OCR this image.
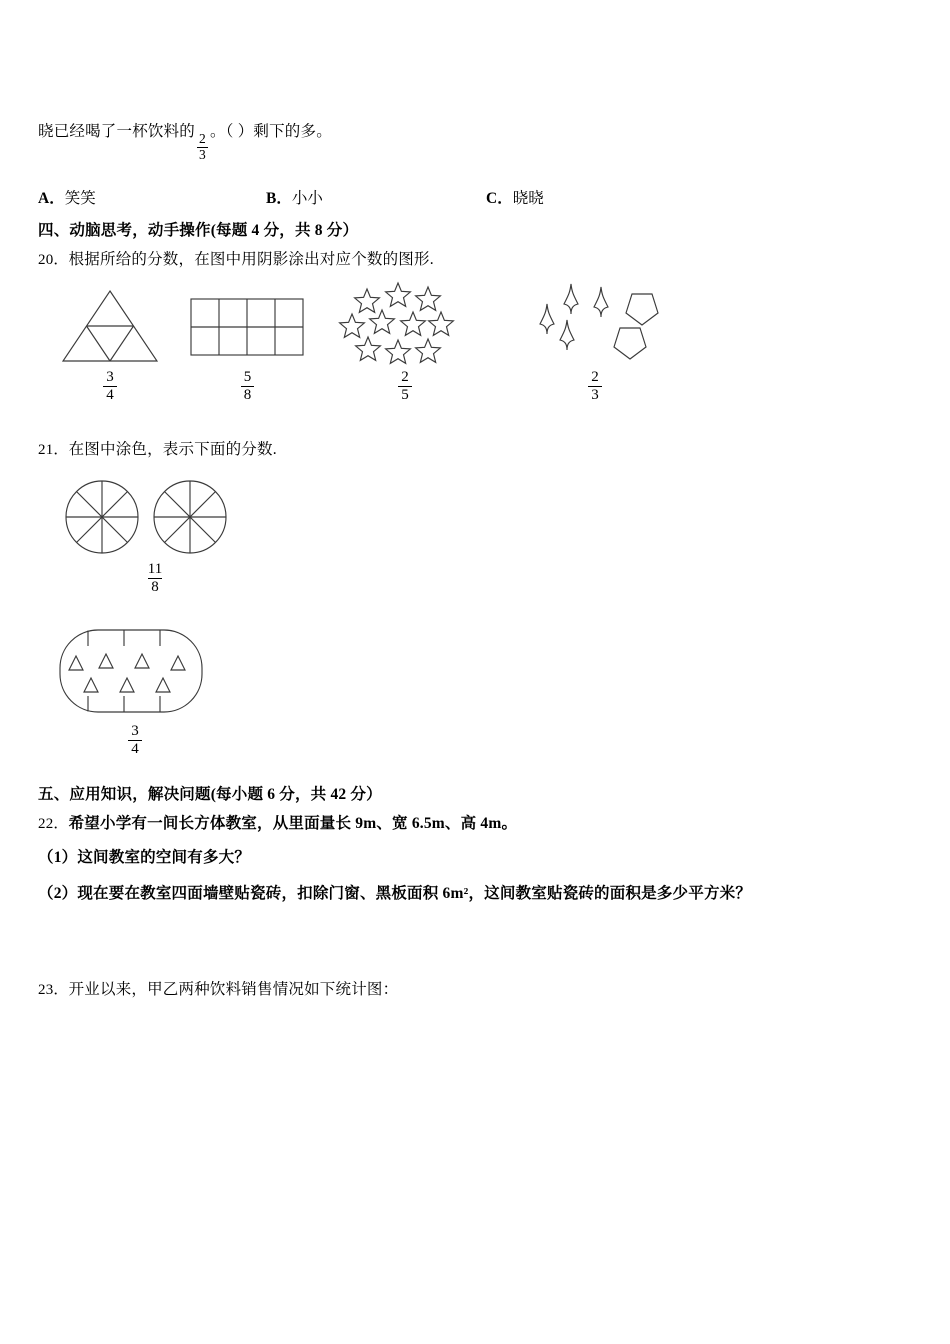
晓已经喝了一杯饮料的
$\frac{2}{3}$
。（ ）剩下的多。
A．笑笑	B．小小	C．晓晓
四、动脑思考，动手操作(每题 4 分，共 8 分）
20．根据所给的分数，在图中用阴影涂出对应个数的图形.
$\frac{3}{4}$	$\frac{5}{8}$	$\frac{2}{5}$	$\frac{2}{3}$
21．在图中涂色，表示下面的分数.
$\frac{11}{8}$
$\frac{3}{4}$
五、应用知识，解决问题(每小题 6 分，共 42 分）
22．希望小学有一间长方体教室，从里面量长 9m、宽 6.5m、高 4m。
（1）这间教室的空间有多大？
（2）现在要在教室四面墙壁贴瓷砖，扣除门窗、黑板面积 6m²，这间教室贴瓷砖的面积是多少平方米？
23．开业以来，甲乙两种饮料销售情况如下统计图：
